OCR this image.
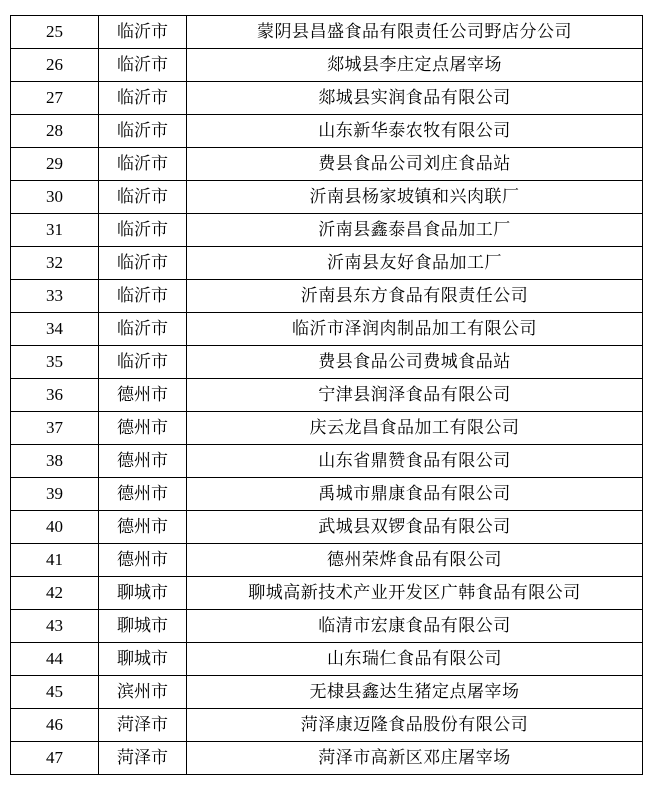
25	临沂市	蒙阴县昌盛食品有限责任公司野店分公司
26	临沂市	郯城县李庄定点屠宰场
27	临沂市	郯城县实润食品有限公司
28	临沂市	山东新华泰农牧有限公司
29	临沂市	费县食品公司刘庄食品站
30	临沂市	沂南县杨家坡镇和兴肉联厂
31	临沂市	沂南县鑫泰昌食品加工厂
32	临沂市	沂南县友好食品加工厂
33	临沂市	沂南县东方食品有限责任公司
34	临沂市	临沂市泽润肉制品加工有限公司
35	临沂市	费县食品公司费城食品站
36	德州市	宁津县润泽食品有限公司
37	德州市	庆云龙昌食品加工有限公司
38	德州市	山东省鼎赞食品有限公司
39	德州市	禹城市鼎康食品有限公司
40	德州市	武城县双锣食品有限公司
41	德州市	德州荣烨食品有限公司
42	聊城市	聊城高新技术产业开发区广韩食品有限公司
43	聊城市	临清市宏康食品有限公司
44	聊城市	山东瑞仁食品有限公司
45	滨州市	无棣县鑫达生猪定点屠宰场
46	菏泽市	菏泽康迈隆食品股份有限公司
47	菏泽市	菏泽市高新区邓庄屠宰场
